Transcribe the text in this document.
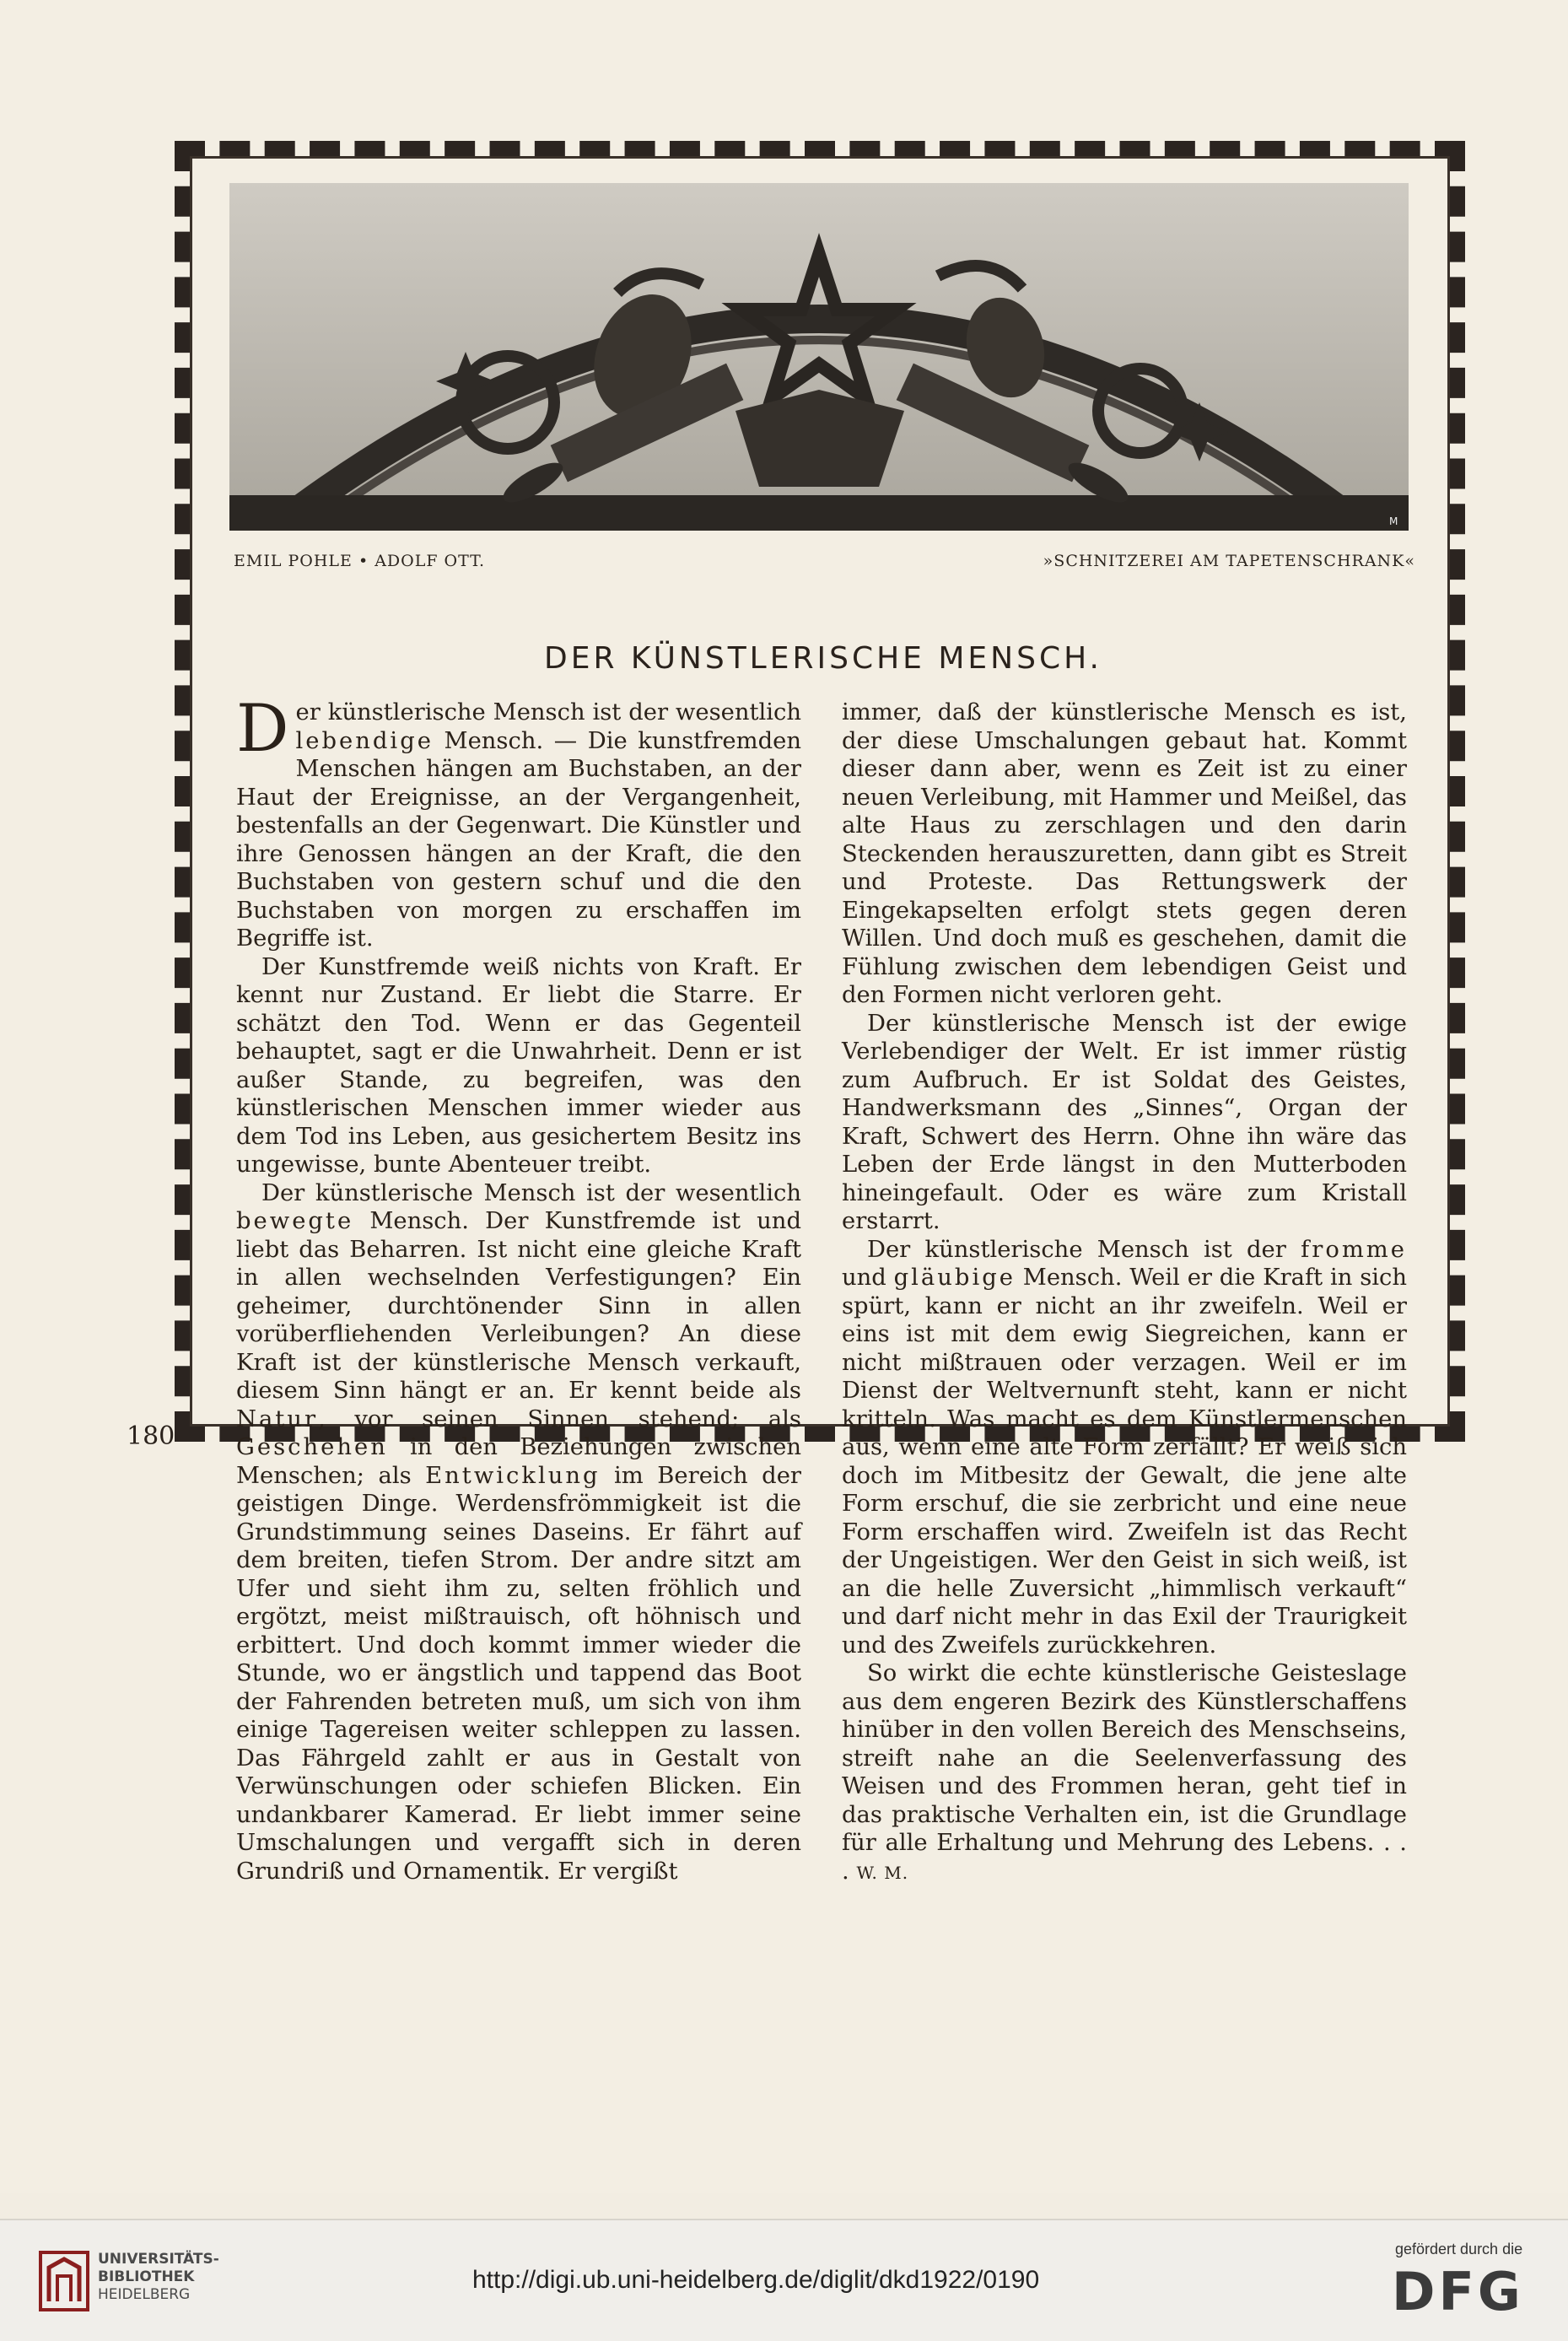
M
EMIL POHLE • ADOLF OTT.	»SCHNITZEREI AM TAPETENSCHRANK«
DER KÜNSTLERISCHE MENSCH.

Der künstlerische Mensch ist der wesentlich lebendige Mensch. — Die kunstfremden Menschen hängen am Buchstaben, an der Haut der Ereignisse, an der Vergangenheit, bestenfalls an der Gegenwart. Die Künstler und ihre Genossen hängen an der Kraft, die den Buchstaben von gestern schuf und die den Buchstaben von morgen zu erschaffen im Begriffe ist.

Der Kunstfremde weiß nichts von Kraft. Er kennt nur Zustand. Er liebt die Starre. Er schätzt den Tod. Wenn er das Gegenteil behauptet, sagt er die Unwahrheit. Denn er ist außer Stande, zu begreifen, was den künstlerischen Menschen immer wieder aus dem Tod ins Leben, aus gesichertem Besitz ins ungewisse, bunte Abenteuer treibt.

Der künstlerische Mensch ist der wesentlich bewegte Mensch. Der Kunstfremde ist und liebt das Beharren. Ist nicht eine gleiche Kraft in allen wechselnden Verfestigungen? Ein geheimer, durchtönender Sinn in allen vorüberfliehenden Verleibungen? An diese Kraft ist der künstlerische Mensch verkauft, diesem Sinn hängt er an. Er kennt beide als Natur, vor seinen Sinnen stehend; als Geschehen in den Beziehungen zwischen Menschen; als Entwicklung im Bereich der geistigen Dinge. Werdensfrömmigkeit ist die Grundstimmung seines Daseins. Er fährt auf dem breiten, tiefen Strom. Der andre sitzt am Ufer und sieht ihm zu, selten fröhlich und ergötzt, meist mißtrauisch, oft höhnisch und erbittert. Und doch kommt immer wieder die Stunde, wo er ängstlich und tappend das Boot der Fahrenden betreten muß, um sich von ihm einige Tagereisen weiter schleppen zu lassen. Das Fährgeld zahlt er aus in Gestalt von Verwünschungen oder schiefen Blicken. Ein undankbarer Kamerad. Er liebt immer seine Umschalungen und vergafft sich in deren Grundriß und Ornamentik. Er vergißt

immer, daß der künstlerische Mensch es ist, der diese Umschalungen gebaut hat. Kommt dieser dann aber, wenn es Zeit ist zu einer neuen Verleibung, mit Hammer und Meißel, das alte Haus zu zerschlagen und den darin Steckenden herauszuretten, dann gibt es Streit und Proteste. Das Rettungswerk der Eingekapselten erfolgt stets gegen deren Willen. Und doch muß es geschehen, damit die Fühlung zwischen dem lebendigen Geist und den Formen nicht verloren geht.

Der künstlerische Mensch ist der ewige Verlebendiger der Welt. Er ist immer rüstig zum Aufbruch. Er ist Soldat des Geistes, Handwerksmann des „Sinnes“, Organ der Kraft, Schwert des Herrn. Ohne ihn wäre das Leben der Erde längst in den Mutterboden hineingefault. Oder es wäre zum Kristall erstarrt.

Der künstlerische Mensch ist der fromme und gläubige Mensch. Weil er die Kraft in sich spürt, kann er nicht an ihr zweifeln. Weil er eins ist mit dem ewig Siegreichen, kann er nicht mißtrauen oder verzagen. Weil er im Dienst der Weltvernunft steht, kann er nicht kritteln. Was macht es dem Künstlermenschen aus, wenn eine alte Form zerfällt? Er weiß sich doch im Mitbesitz der Gewalt, die jene alte Form erschuf, die sie zerbricht und eine neue Form erschaffen wird. Zweifeln ist das Recht der Ungeistigen. Wer den Geist in sich weiß, ist an die helle Zuversicht „himmlisch verkauft“ und darf nicht mehr in das Exil der Traurigkeit und des Zweifels zurückkehren.

So wirkt die echte künstlerische Geisteslage aus dem engeren Bezirk des Künstlerschaffens hinüber in den vollen Bereich des Menschseins, streift nahe an die Seelenverfassung des Weisen und des Frommen heran, geht tief in das praktische Verhalten ein, ist die Grundlage für alle Erhaltung und Mehrung des Lebens. . . . W. M.

180
UNIVERSITÄTS-
BIBLIOTHEK
HEIDELBERG
http://digi.ub.uni-heidelberg.de/diglit/dkd1922/0190
gefördert durch die
DFG
